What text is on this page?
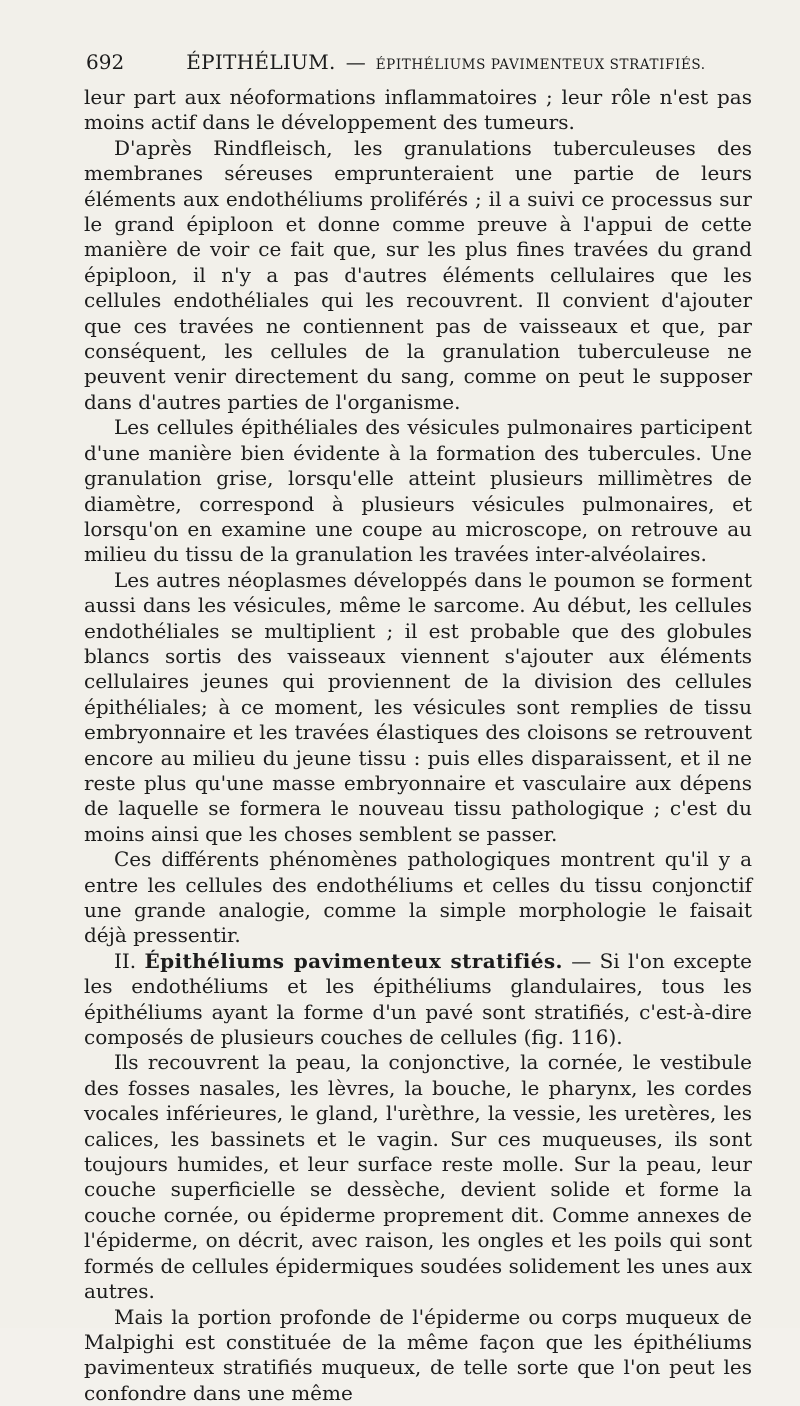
692	ÉPITHÉLIUM. — ÉPITHÉLIUMS PAVIMENTEUX STRATIFIÉS.

leur part aux néoformations inflammatoires ; leur rôle n'est pas moins actif dans le développement des tumeurs.

D'après Rindfleisch, les granulations tuberculeuses des membranes séreuses emprunteraient une partie de leurs éléments aux endothéliums proliférés ; il a suivi ce processus sur le grand épiploon et donne comme preuve à l'appui de cette manière de voir ce fait que, sur les plus fines travées du grand épiploon, il n'y a pas d'autres éléments cellulaires que les cellules endothéliales qui les recouvrent. Il convient d'ajouter que ces travées ne contiennent pas de vaisseaux et que, par conséquent, les cellules de la granulation tuberculeuse ne peuvent venir directement du sang, comme on peut le supposer dans d'autres parties de l'organisme.

Les cellules épithéliales des vésicules pulmonaires participent d'une manière bien évidente à la formation des tubercules. Une granulation grise, lorsqu'elle atteint plusieurs millimètres de diamètre, correspond à plusieurs vésicules pulmonaires, et lorsqu'on en examine une coupe au microscope, on retrouve au milieu du tissu de la granulation les travées inter-alvéolaires.

Les autres néoplasmes développés dans le poumon se forment aussi dans les vésicules, même le sarcome. Au début, les cellules endothéliales se multiplient ; il est probable que des globules blancs sortis des vaisseaux viennent s'ajouter aux éléments cellulaires jeunes qui proviennent de la division des cellules épithéliales; à ce moment, les vésicules sont remplies de tissu embryonnaire et les travées élastiques des cloisons se retrouvent encore au milieu du jeune tissu : puis elles disparaissent, et il ne reste plus qu'une masse embryonnaire et vasculaire aux dépens de laquelle se formera le nouveau tissu pathologique ; c'est du moins ainsi que les choses semblent se passer.

Ces différents phénomènes pathologiques montrent qu'il y a entre les cellules des endothéliums et celles du tissu conjonctif une grande analogie, comme la simple morphologie le faisait déjà pressentir.

II. Épithéliums pavimenteux stratifiés. — Si l'on excepte les endothéliums et les épithéliums glandulaires, tous les épithéliums ayant la forme d'un pavé sont stratifiés, c'est-à-dire composés de plusieurs couches de cellules (fig. 116).

Ils recouvrent la peau, la conjonctive, la cornée, le vestibule des fosses nasales, les lèvres, la bouche, le pharynx, les cordes vocales inférieures, le gland, l'urèthre, la vessie, les uretères, les calices, les bassinets et le vagin. Sur ces muqueuses, ils sont toujours humides, et leur surface reste molle. Sur la peau, leur couche superficielle se dessèche, devient solide et forme la couche cornée, ou épiderme proprement dit. Comme annexes de l'épiderme, on décrit, avec raison, les ongles et les poils qui sont formés de cellules épidermiques soudées solidement les unes aux autres.

Mais la portion profonde de l'épiderme ou corps muqueux de Malpighi est constituée de la même façon que les épithéliums pavimenteux stratifiés muqueux, de telle sorte que l'on peut les confondre dans une même
